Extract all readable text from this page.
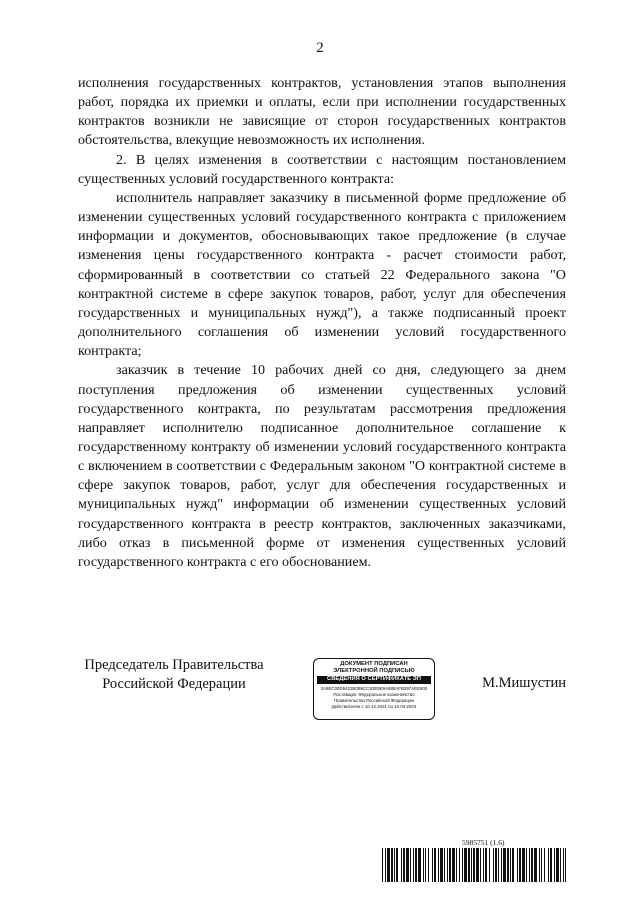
2

исполнения государственных контрактов, установления этапов выполнения работ, порядка их приемки и оплаты, если при исполнении государственных контрактов возникли не зависящие от сторон государственных контрактов обстоятельства, влекущие невозможность их исполнения.

2. В целях изменения в соответствии с настоящим постановлением существенных условий государственного контракта:

исполнитель направляет заказчику в письменной форме предложение об изменении существенных условий государственного контракта с приложением информации и документов, обосновывающих такое предложение (в случае изменения цены государственного контракта - расчет стоимости работ, сформированный в соответствии со статьей 22 Федерального закона "О контрактной системе в сфере закупок товаров, работ, услуг для обеспечения государственных и муниципальных нужд"), а также подписанный проект дополнительного соглашения об изменении условий государственного контракта;

заказчик в течение 10 рабочих дней со дня, следующего за днем поступления предложения об изменении существенных условий государственного контракта, по результатам рассмотрения предложения направляет исполнителю подписанное дополнительное соглашение к государственному контракту об изменении условий государственного контракта с включением в соответствии с Федеральным законом "О контрактной системе в сфере закупок товаров, работ, услуг для обеспечения государственных и муниципальных нужд" информации об изменении существенных условий государственного контракта в реестр контрактов, заключенных заказчиками, либо отказ в письменной форме от изменения существенных условий государственного контракта с его обоснованием.

Председатель Правительства
Российской Федерации
ДОКУМЕНТ ПОДПИСАН
ЭЛЕКТРОННОЙ ПОДПИСЬЮ
СВЕДЕНИЯ О СЕРТИФИКАТЕ ЭП
2A9EC00D5422B0B6CC83E9E9A888AFB297AEE800
Поставщик: Федеральное казначейство
Правительство Российской Федерации
Действителен с 10.12.2021 по 10.03.2023
М.Мишустин
5985751 (1.6)
